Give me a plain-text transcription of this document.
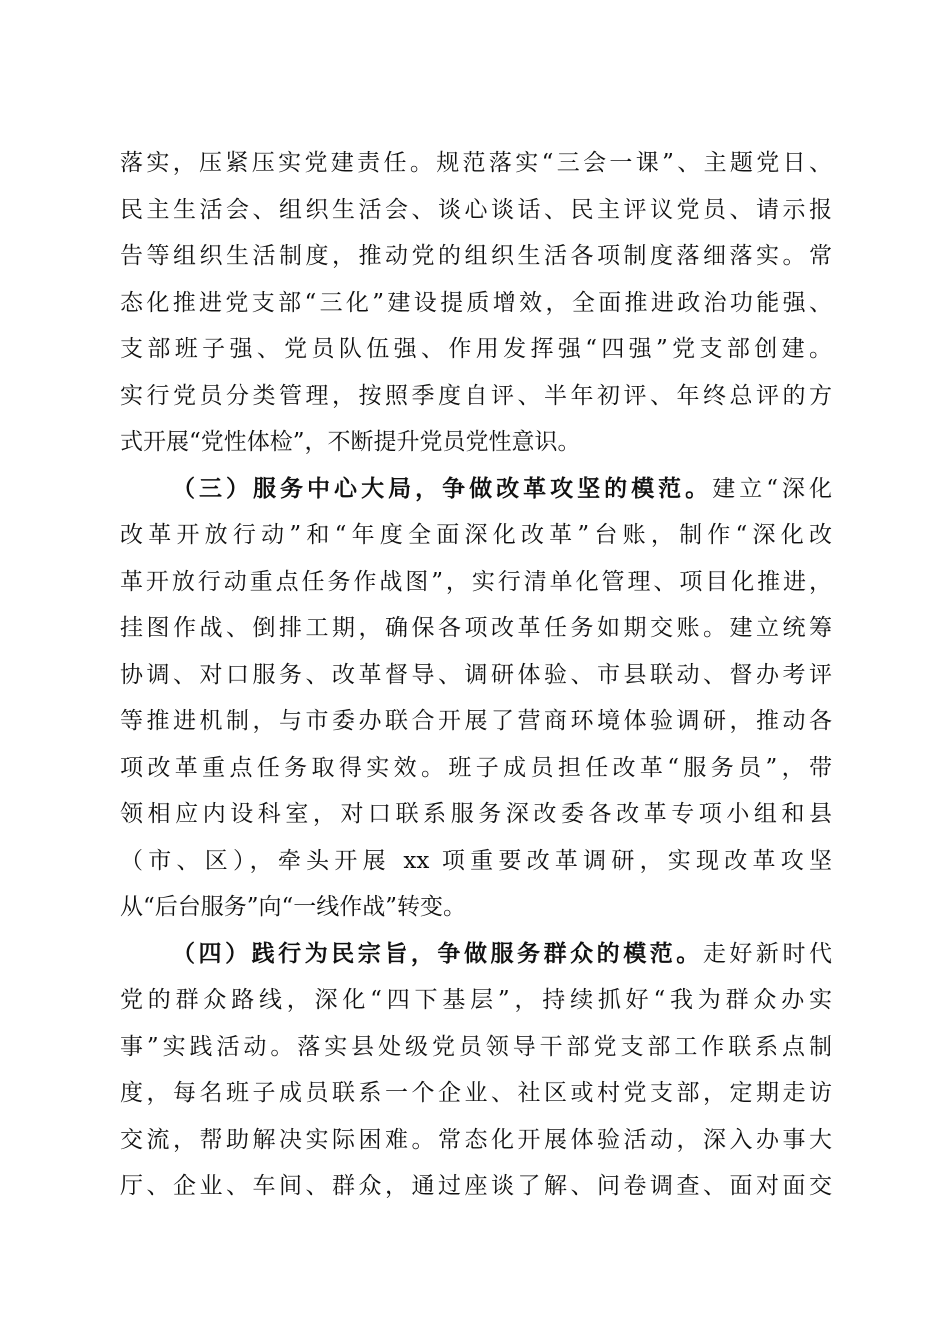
落实，压紧压实党建责任。规范落实“三会一课”、主题党日、
民主生活会、组织生活会、谈心谈话、民主评议党员、请示报
告等组织生活制度，推动党的组织生活各项制度落细落实。常
态化推进党支部“三化”建设提质增效，全面推进政治功能强、
支部班子强、党员队伍强、作用发挥强“四强”党支部创建。
实行党员分类管理，按照季度自评、半年初评、年终总评的方
式开展“党性体检”，不断提升党员党性意识。
（三）服务中心大局，争做改革攻坚的模范。建立“深化
改革开放行动”和“年度全面深化改革”台账，制作“深化改
革开放行动重点任务作战图”，实行清单化管理、项目化推进，
挂图作战、倒排工期，确保各项改革任务如期交账。建立统筹
协调、对口服务、改革督导、调研体验、市县联动、督办考评
等推进机制，与市委办联合开展了营商环境体验调研，推动各
项改革重点任务取得实效。班子成员担任改革“服务员”，带
领相应内设科室，对口联系服务深改委各改革专项小组和县
（市、区），牵头开展 xx 项重要改革调研，实现改革攻坚
从“后台服务”向“一线作战”转变。
（四）践行为民宗旨，争做服务群众的模范。走好新时代
党的群众路线，深化“四下基层”，持续抓好“我为群众办实
事”实践活动。落实县处级党员领导干部党支部工作联系点制
度，每名班子成员联系一个企业、社区或村党支部，定期走访
交流，帮助解决实际困难。常态化开展体验活动，深入办事大
厅、企业、车间、群众，通过座谈了解、问卷调查、面对面交
